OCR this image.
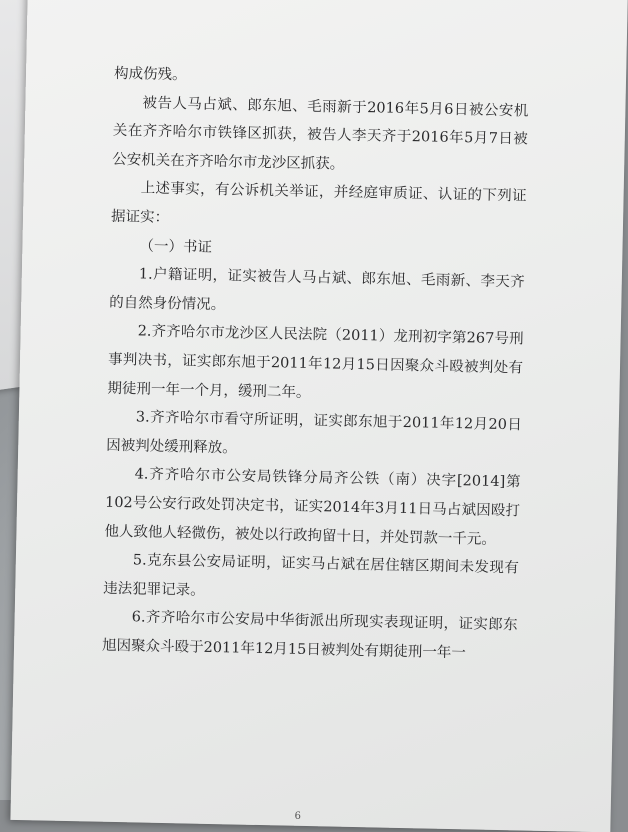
构成伤残。

被告人马占斌、郎东旭、毛雨新于2016年5月6日被公安机关在齐齐哈尔市铁锋区抓获，被告人李天齐于2016年5月7日被公安机关在齐齐哈尔市龙沙区抓获。

上述事实，有公诉机关举证，并经庭审质证、认证的下列证据证实：

（一）书证

1.户籍证明，证实被告人马占斌、郎东旭、毛雨新、李天齐的自然身份情况。

2.齐齐哈尔市龙沙区人民法院（2011）龙刑初字第267号刑事判决书，证实郎东旭于2011年12月15日因聚众斗殴被判处有期徒刑一年一个月，缓刑二年。

3.齐齐哈尔市看守所证明，证实郎东旭于2011年12月20日因被判处缓刑释放。

4.齐齐哈尔市公安局铁锋分局齐公铁（南）决字[2014]第102号公安行政处罚决定书，证实2014年3月11日马占斌因殴打他人致他人轻微伤，被处以行政拘留十日，并处罚款一千元。

5.克东县公安局证明，证实马占斌在居住辖区期间未发现有违法犯罪记录。

6.齐齐哈尔市公安局中华街派出所现实表现证明，证实郎东旭因聚众斗殴于2011年12月15日被判处有期徒刑一年一

6
